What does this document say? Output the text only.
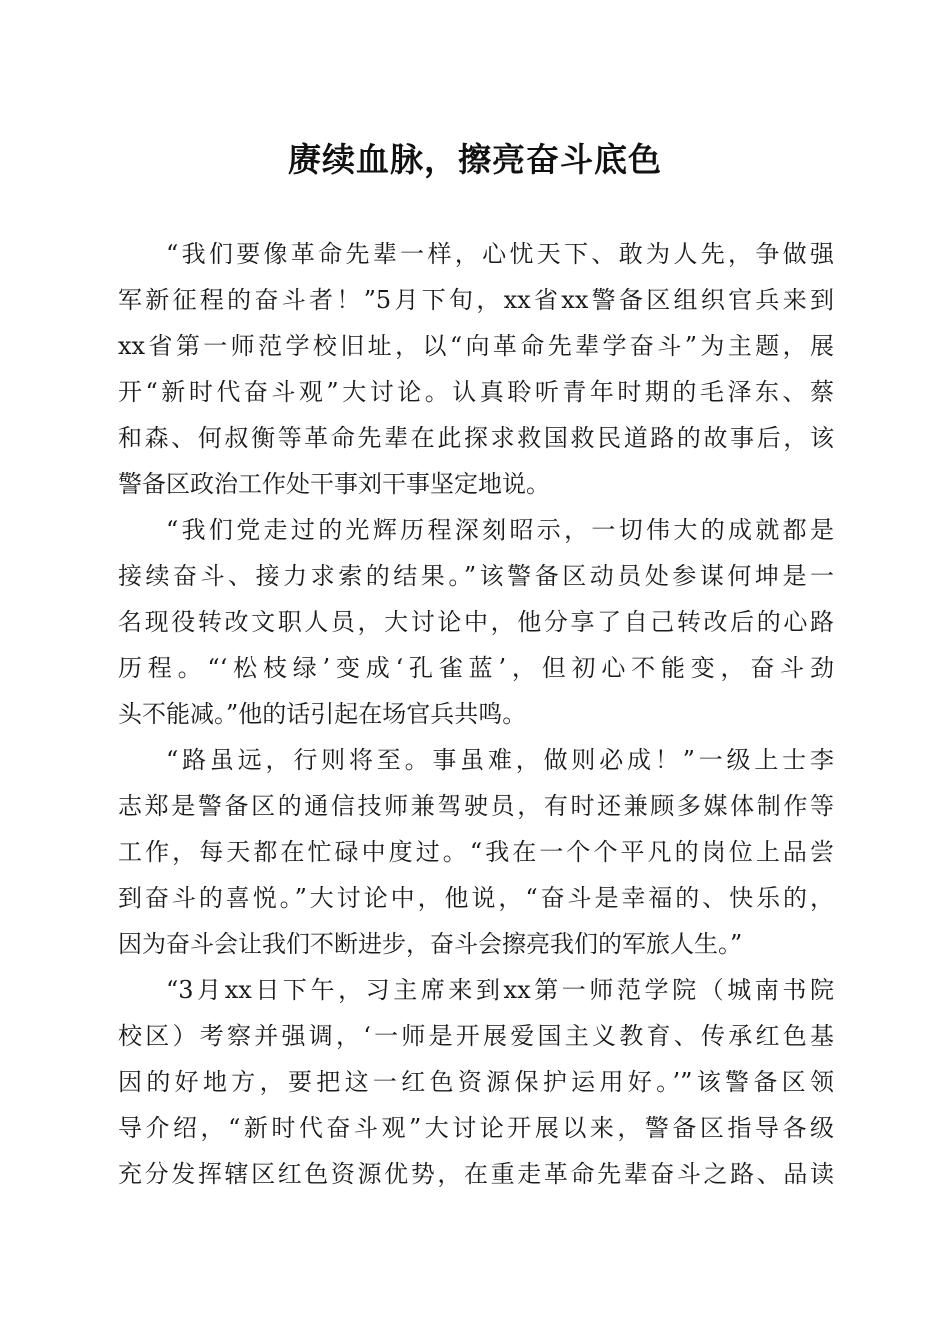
赓续血脉，擦亮奋斗底色
“我们要像革命先辈一样，心忧天下、敢为人先，争做强
军新征程的奋斗者！”5月下旬，xx省xx警备区组织官兵来到
xx省第一师范学校旧址，以“向革命先辈学奋斗”为主题，展
开“新时代奋斗观”大讨论。认真聆听青年时期的毛泽东、蔡
和森、何叔衡等革命先辈在此探求救国救民道路的故事后，该
警备区政治工作处干事刘干事坚定地说。
“我们党走过的光辉历程深刻昭示，一切伟大的成就都是
接续奋斗、接力求索的结果。”该警备区动员处参谋何坤是一
名现役转改文职人员，大讨论中，他分享了自己转改后的心路
历程。“‘松枝绿’变成‘孔雀蓝’，但初心不能变，奋斗劲
头不能减。”他的话引起在场官兵共鸣。
“路虽远，行则将至。事虽难，做则必成！”一级上士李
志郑是警备区的通信技师兼驾驶员，有时还兼顾多媒体制作等
工作，每天都在忙碌中度过。“我在一个个平凡的岗位上品尝
到奋斗的喜悦。”大讨论中，他说，“奋斗是幸福的、快乐的，
因为奋斗会让我们不断进步，奋斗会擦亮我们的军旅人生。”
“3月xx日下午，习主席来到xx第一师范学院（城南书院
校区）考察并强调，‘一师是开展爱国主义教育、传承红色基
因的好地方，要把这一红色资源保护运用好。’”该警备区领
导介绍，“新时代奋斗观”大讨论开展以来，警备区指导各级
充分发挥辖区红色资源优势，在重走革命先辈奋斗之路、品读
